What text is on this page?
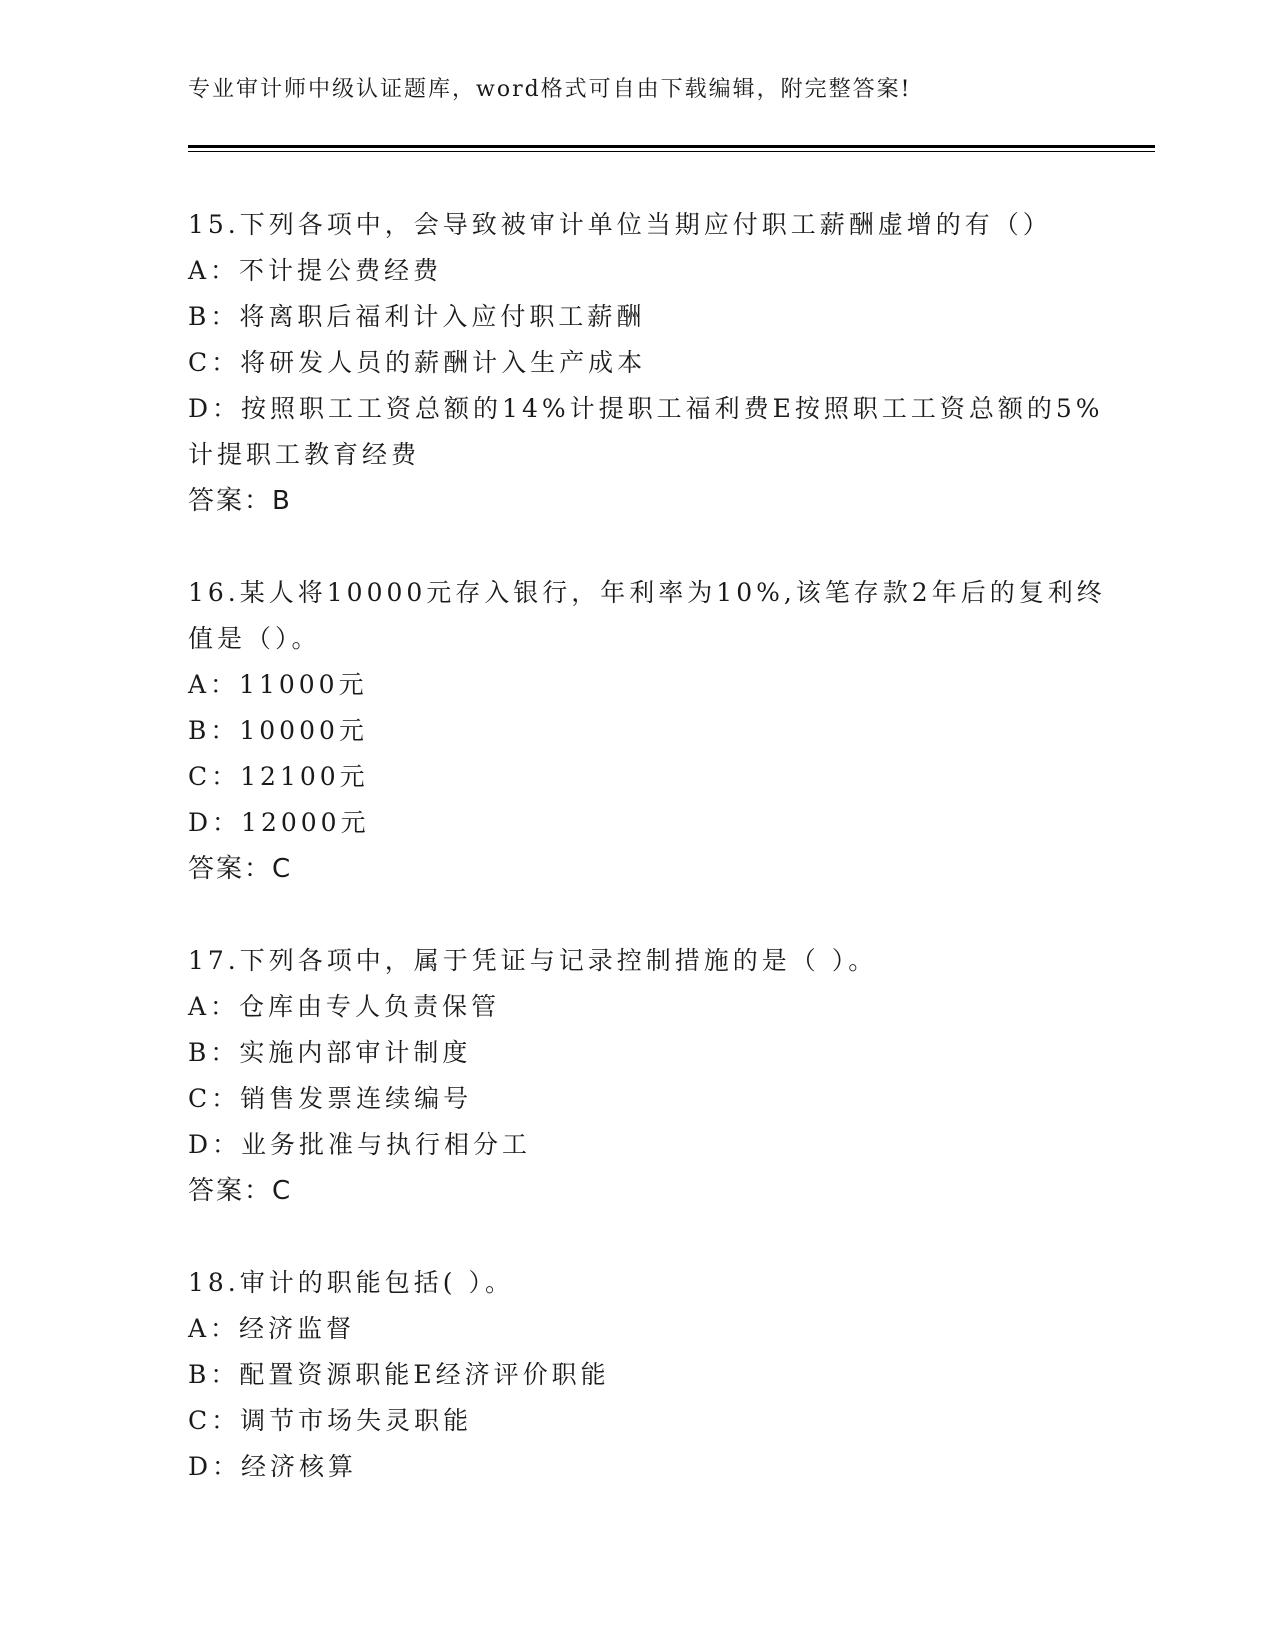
专业审计师中级认证题库，word格式可自由下载编辑，附完整答案!
15.下列各项中，会导致被审计单位当期应付职工薪酬虚增的有（）
A：不计提公费经费
B：将离职后福利计入应付职工薪酬
C：将研发人员的薪酬计入生产成本
D：按照职工工资总额的14%计提职工福利费E按照职工工资总额的5%
计提职工教育经费
答案：B
16.某人将10000元存入银行，年利率为10%,该笔存款2年后的复利终
值是（）。
A：11000元
B：10000元
C：12100元
D：12000元
答案：C
17.下列各项中，属于凭证与记录控制措施的是（ ）。
A：仓库由专人负责保管
B：实施内部审计制度
C：销售发票连续编号
D：业务批准与执行相分工
答案：C
18.审计的职能包括( ）。
A：经济监督
B：配置资源职能E经济评价职能
C：调节市场失灵职能
D：经济核算
